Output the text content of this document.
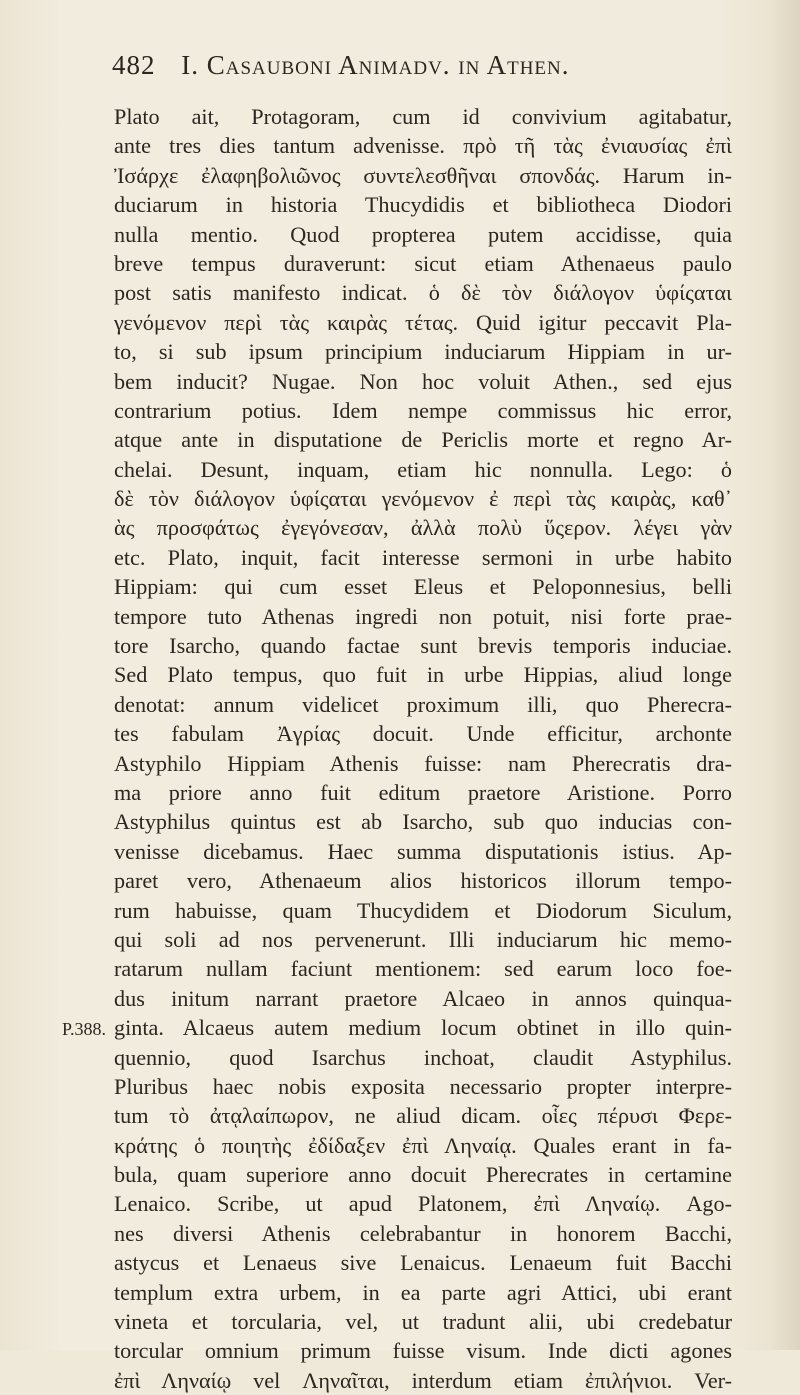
482 I. Casauboni Animadv. in Athen.
P.388.
Plato ait, Protagoram, cum id convivium agitabatur,
ante tres dies tantum advenisse. πρὸ τῆ τὰς ἐνιαυσίας ἐπὶ
Ἰσάρχε ἐλαφηβολιῶνος συντελεσθῆναι σπονδάς. Harum in-
duciarum in historia Thucydidis et bibliotheca Diodori
nulla mentio. Quod propterea putem accidisse, quia
breve tempus duraverunt: sicut etiam Athenaeus paulo
post satis manifesto indicat. ὁ δὲ τὸν διάλογον ὑφίςαται
γενόμενον περὶ τὰς καιρὰς τέτας. Quid igitur peccavit Pla-
to, si sub ipsum principium induciarum Hippiam in ur-
bem inducit? Nugae. Non hoc voluit Athen., sed ejus
contrarium potius. Idem nempe commissus hic error,
atque ante in disputatione de Periclis morte et regno Ar-
chelai. Desunt, inquam, etiam hic nonnulla. Lego: ὁ
δὲ τὸν διάλογον ὑφίςαται γενόμενον ἐ περὶ τὰς καιρὰς, καθ᾽
ὰς προσφάτως ἐγεγόνεσαν, ἀλλὰ πολὺ ὕςερον. λέγει γὰν
etc. Plato, inquit, facit interesse sermoni in urbe habito
Hippiam: qui cum esset Eleus et Peloponnesius, belli
tempore tuto Athenas ingredi non potuit, nisi forte prae-
tore Isarcho, quando factae sunt brevis temporis induciae.
Sed Plato tempus, quo fuit in urbe Hippias, aliud longe
denotat: annum videlicet proximum illi, quo Pherecra-
tes fabulam Ἀγρίας docuit. Unde efficitur, archonte
Astyphilo Hippiam Athenis fuisse: nam Pherecratis dra-
ma priore anno fuit editum praetore Aristione. Porro
Astyphilus quintus est ab Isarcho, sub quo inducias con-
venisse dicebamus. Haec summa disputationis istius. Ap-
paret vero, Athenaeum alios historicos illorum tempo-
rum habuisse, quam Thucydidem et Diodorum Siculum,
qui soli ad nos pervenerunt. Illi induciarum hic memo-
ratarum nullam faciunt mentionem: sed earum loco foe-
dus initum narrant praetore Alcaeo in annos quinqua-
ginta. Alcaeus autem medium locum obtinet in illo quin-
quennio, quod Isarchus inchoat, claudit Astyphilus.
Pluribus haec nobis exposita necessario propter interpre-
tum τὸ ἀτᾳλαίπωρον, ne aliud dicam. οἷες πέρυσι Φερε-
κράτης ὁ ποιητὴς ἐδίδαξεν ἐπὶ Ληναίᾳ. Quales erant in fa-
bula, quam superiore anno docuit Pherecrates in certamine
Lenaico. Scribe, ut apud Platonem, ἐπὶ Ληναίῳ. Ago-
nes diversi Athenis celebrabantur in honorem Bacchi,
astycus et Lenaeus sive Lenaicus. Lenaeum fuit Bacchi
templum extra urbem, in ea parte agri Attici, ubi erant
vineta et torcularia, vel, ut tradunt alii, ubi credebatur
torcular omnium primum fuisse visum. Inde dicti agones
ἐπὶ Ληναίῳ vel Ληναῖται, interdum etiam ἐπιλήνιοι. Ver-
